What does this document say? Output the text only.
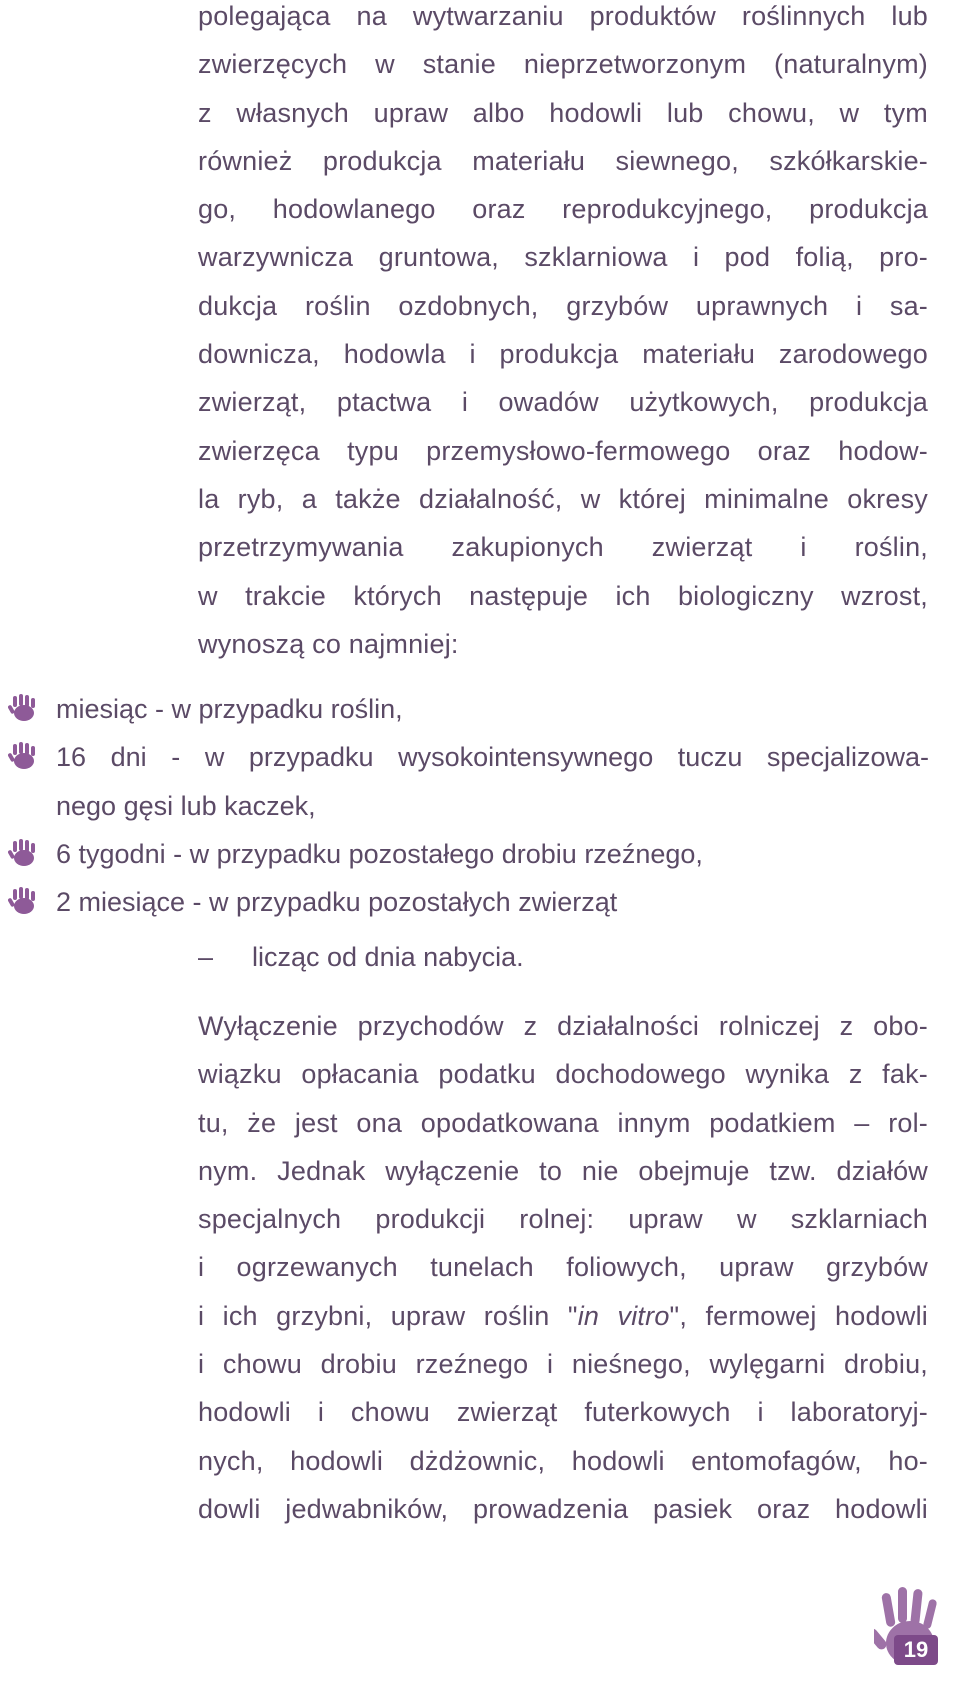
polegająca na wytwarzaniu produktów roślinnych lub
zwierzęcych w stanie nieprzetworzonym (naturalnym)
z własnych upraw albo hodowli lub chowu, w tym
również produkcja materiału siewnego, szkółkarskie-
go, hodowlanego oraz reprodukcyjnego, produkcja
warzywnicza gruntowa, szklarniowa i pod folią, pro-
dukcja roślin ozdobnych, grzybów uprawnych i sa-
downicza, hodowla i produkcja materiału zarodowego
zwierząt, ptactwa i owadów użytkowych, produkcja
zwierzęca typu przemysłowo-fermowego oraz hodow-
la ryb, a także działalność, w której minimalne okresy
przetrzymywania zakupionych zwierząt i roślin,
w trakcie których następuje ich biologiczny wzrost,
wynoszą co najmniej:
miesiąc - w przypadku roślin,
16 dni - w przypadku wysokointensywnego tuczu specjalizowa-
nego gęsi lub kaczek,
6 tygodni - w przypadku pozostałego drobiu rzeźnego,
2 miesiące - w przypadku pozostałych zwierząt
– licząc od dnia nabycia.
Wyłączenie przychodów z działalności rolniczej z obo-
wiązku opłacania podatku dochodowego wynika z fak-
tu, że jest ona opodatkowana innym podatkiem – rol-
nym. Jednak wyłączenie to nie obejmuje tzw. działów
specjalnych produkcji rolnej: upraw w szklarniach
i ogrzewanych tunelach foliowych, upraw grzybów
i ich grzybni, upraw roślin "in vitro", fermowej hodowli
i chowu drobiu rzeźnego i nieśnego, wylęgarni drobiu,
hodowli i chowu zwierząt futerkowych i laboratoryj-
nych, hodowli dżdżownic, hodowli entomofagów, ho-
dowli jedwabników, prowadzenia pasiek oraz hodowli
19
